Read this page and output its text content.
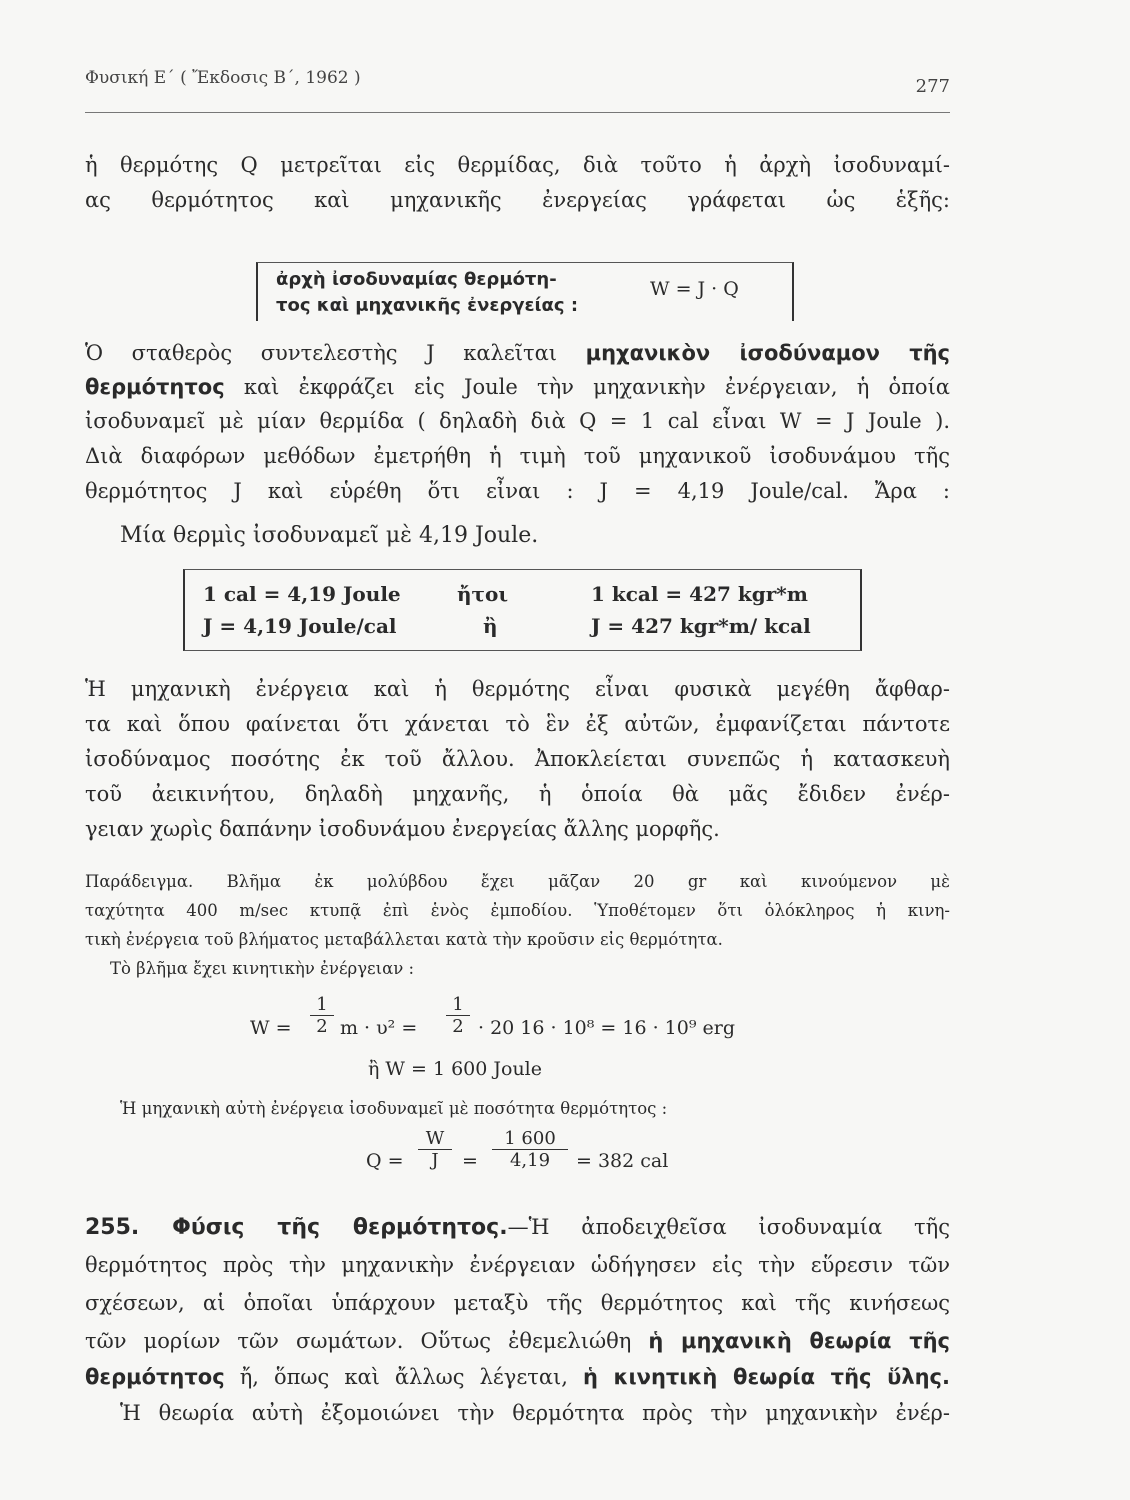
Φυσική Ε΄ ( Ἔκδοσις Β΄, 1962 )	277
ἡ θερμότης Q μετρεῖται εἰς θερμίδας, διὰ τοῦτο ἡ ἀρχὴ ἰσοδυναμί-
ας θερμότητος καὶ μηχανικῆς ἐνεργείας γράφεται ὡς ἑξῆς:
ἀρχὴ ἰσοδυναμίας θερμότη-
τος καὶ μηχανικῆς ἐνεργείας :
W = J · Q
Ὁ σταθερὸς συντελεστὴς J καλεῖται μηχανικὸν ἰσοδύναμον τῆς
θερμότητος καὶ ἐκφράζει εἰς Joule τὴν μηχανικὴν ἐνέργειαν, ἡ ὁποία
ἰσοδυναμεῖ μὲ μίαν θερμίδα ( δηλαδὴ διὰ Q = 1 cal εἶναι W = J Joule ).
Διὰ διαφόρων μεθόδων ἐμετρήθη ἡ τιμὴ τοῦ μηχανικοῦ ἰσοδυνάμου τῆς
θερμότητος J καὶ εὑρέθη ὅτι εἶναι : J = 4,19 Joule/cal. Ἄρα :
Μία θερμὶς ἰσοδυναμεῖ μὲ 4,19 Joule.
1 cal = 4,19 Joule	ἤτοι	1 kcal = 427 kgr*m
J = 4,19 Joule/cal	ἢ	J = 427 kgr*m/ kcal
Ἡ μηχανικὴ ἐνέργεια καὶ ἡ θερμότης εἶναι φυσικὰ μεγέθη ἄφθαρ-
τα καὶ ὅπου φαίνεται ὅτι χάνεται τὸ ἓν ἐξ αὐτῶν, ἐμφανίζεται πάντοτε
ἰσοδύναμος ποσότης ἐκ τοῦ ἄλλου. Ἀποκλείεται συνεπῶς ἡ κατασκευὴ
τοῦ ἀεικινήτου, δηλαδὴ μηχανῆς, ἡ ὁποία θὰ μᾶς ἔδιδεν ἐνέρ-
γειαν χωρὶς δαπάνην ἰσοδυνάμου ἐνεργείας ἄλλης μορφῆς.
Παράδειγμα. Βλῆμα ἐκ μολύβδου ἔχει μᾶζαν 20 gr καὶ κινούμενον μὲ
ταχύτητα 400 m/sec κτυπᾷ ἐπὶ ἑνὸς ἐμποδίου. Ὑποθέτομεν ὅτι ὁλόκληρος ἡ κινη-
τικὴ ἐνέργεια τοῦ βλήματος μεταβάλλεται κατὰ τὴν κροῦσιν εἰς θερμότητα.
Τὸ βλῆμα ἔχει κινητικὴν ἐνέργειαν :
$W = \frac{1}{2}$ $m \cdot \upsilon^2 = \frac{1}{2} \cdot 20$ 16 · 10⁸ = 16 · 10⁹ erg
ἢ W = 1 600 Joule
Ἡ μηχανικὴ αὐτὴ ἐνέργεια ἰσοδυναμεῖ μὲ ποσότητα θερμότητος :
$Q = \frac{W}{J} = \frac{1 600}{4,19} = 382$ cal
255. Φύσις τῆς θερμότητος.—Ἡ ἀποδειχθεῖσα ἰσοδυναμία τῆς
θερμότητος πρὸς τὴν μηχανικὴν ἐνέργειαν ὡδήγησεν εἰς τὴν εὕρεσιν τῶν
σχέσεων, αἱ ὁποῖαι ὑπάρχουν μεταξὺ τῆς θερμότητος καὶ τῆς κινήσεως
τῶν μορίων τῶν σωμάτων. Οὕτως ἐθεμελιώθη ἡ μηχανικὴ θεωρία τῆς
θερμότητος ἤ, ὅπως καὶ ἄλλως λέγεται, ἡ κινητικὴ θεωρία τῆς ὕλης.
Ἡ θεωρία αὐτὴ ἐξομοιώνει τὴν θερμότητα πρὸς τὴν μηχανικὴν ἐνέρ-
